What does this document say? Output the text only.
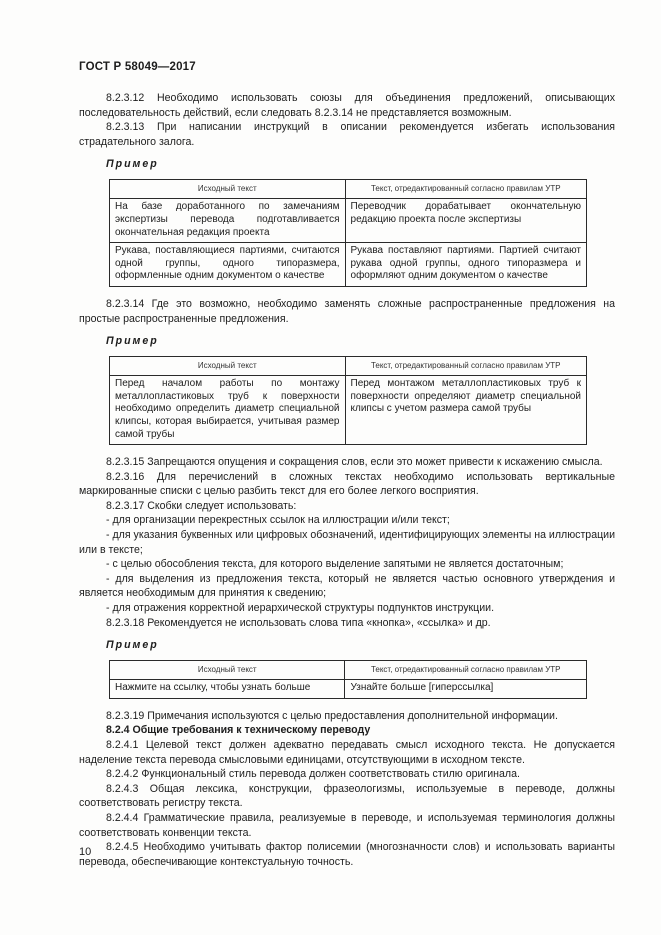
ГОСТ Р 58049—2017

8.2.3.12 Необходимо использовать союзы для объединения предложений, описывающих последовательность действий, если следовать 8.2.3.14 не представляется возможным.

8.2.3.13 При написании инструкций в описании рекомендуется избегать использования страдательного залога.

Пример
Исходный текст	Текст, отредактированный согласно правилам УТР
На базе доработанного по замечаниям экспертизы перевода подготавливается окончательная редакция проекта	Переводчик дорабатывает окончательную редакцию проекта после экспертизы
Рукава, поставляющиеся партиями, считаются одной группы, одного типоразмера, оформленные одним документом о качестве	Рукава поставляют партиями. Партией считают рукава одной группы, одного типоразмера и оформляют одним документом о качестве

8.2.3.14 Где это возможно, необходимо заменять сложные распространенные предложения на простые распространенные предложения.

Пример
Исходный текст	Текст, отредактированный согласно правилам УТР
Перед началом работы по монтажу металлопластиковых труб к поверхности необходимо определить диаметр специальной клипсы, которая выбирается, учитывая размер самой трубы	Перед монтажом металлопластиковых труб к поверхности определяют диаметр специальной клипсы с учетом размера самой трубы

8.2.3.15 Запрещаются опущения и сокращения слов, если это может привести к искажению смысла.

8.2.3.16 Для перечислений в сложных текстах необходимо использовать вертикальные маркированные списки с целью разбить текст для его более легкого восприятия.

8.2.3.17 Скобки следует использовать:

- для организации перекрестных ссылок на иллюстрации и/или текст;

- для указания буквенных или цифровых обозначений, идентифицирующих элементы на иллюстрации или в тексте;

- с целью обособления текста, для которого выделение запятыми не является достаточным;

- для выделения из предложения текста, который не является частью основного утверждения и является необходимым для принятия к сведению;

- для отражения корректной иерархической структуры подпунктов инструкции.

8.2.3.18 Рекомендуется не использовать слова типа «кнопка», «ссылка» и др.

Пример
Исходный текст	Текст, отредактированный согласно правилам УТР
Нажмите на ссылку, чтобы узнать больше	Узнайте больше [гиперссылка]

8.2.3.19 Примечания используются с целью предоставления дополнительной информации.

8.2.4 Общие требования к техническому переводу

8.2.4.1 Целевой текст должен адекватно передавать смысл исходного текста. Не допускается наделение текста перевода смысловыми единицами, отсутствующими в исходном тексте.

8.2.4.2 Функциональный стиль перевода должен соответствовать стилю оригинала.

8.2.4.3 Общая лексика, конструкции, фразеологизмы, используемые в переводе, должны соответствовать регистру текста.

8.2.4.4 Грамматические правила, реализуемые в переводе, и используемая терминология должны соответствовать конвенции текста.

8.2.4.5 Необходимо учитывать фактор полисемии (многозначности слов) и использовать варианты перевода, обеспечивающие контекстуальную точность.

10
